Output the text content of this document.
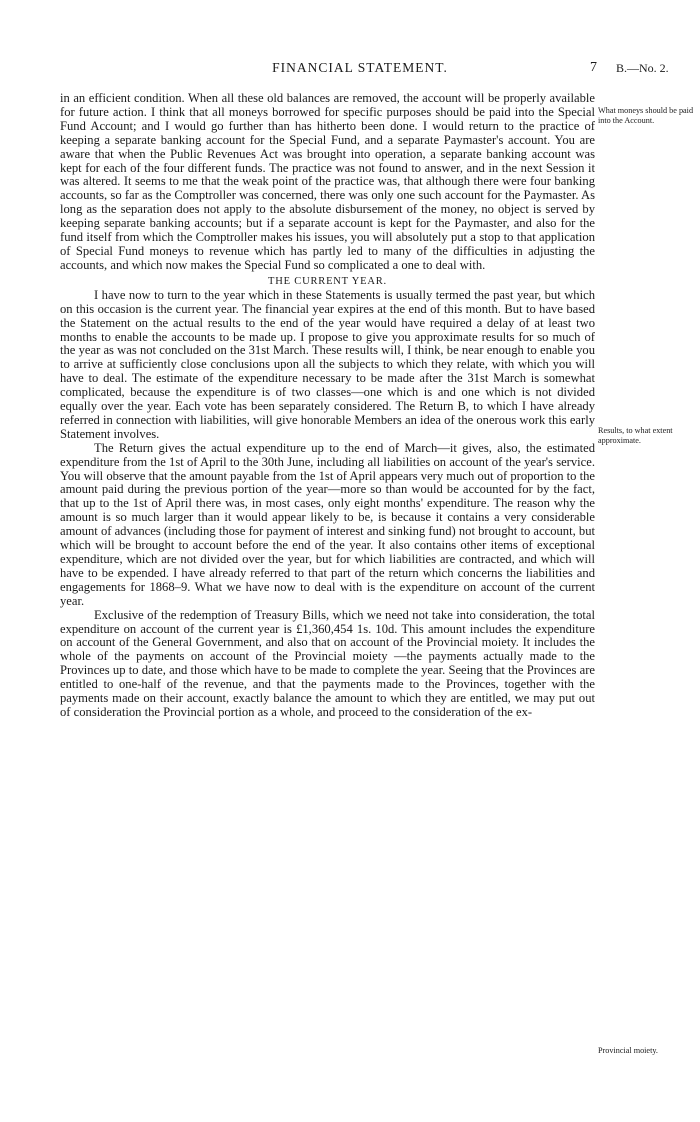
FINANCIAL STATEMENT.	7 B.—No. 2.

in an efficient condition. When all these old balances are removed, the account will be properly available for future action. I think that all moneys borrowed for specific purposes should be paid into the Special Fund Account; and I would go further than has hitherto been done. I would return to the practice of keeping a separate banking account for the Special Fund, and a separate Paymaster's account. You are aware that when the Public Revenues Act was brought into operation, a separate banking account was kept for each of the four different funds. The practice was not found to answer, and in the next Session it was altered. It seems to me that the weak point of the practice was, that although there were four banking accounts, so far as the Comptroller was concerned, there was only one such account for the Paymaster. As long as the separation does not apply to the absolute disbursement of the money, no object is served by keeping separate banking accounts; but if a separate account is kept for the Paymaster, and also for the fund itself from which the Comptroller makes his issues, you will absolutely put a stop to that application of Special Fund moneys to revenue which has partly led to many of the difficulties in adjusting the accounts, and which now makes the Special Fund so complicated a one to deal with.

THE CURRENT YEAR.

I have now to turn to the year which in these Statements is usually termed the past year, but which on this occasion is the current year. The financial year expires at the end of this month. But to have based the Statement on the actual results to the end of the year would have required a delay of at least two months to enable the accounts to be made up. I propose to give you approximate results for so much of the year as was not concluded on the 31st March. These results will, I think, be near enough to enable you to arrive at sufficiently close conclusions upon all the subjects to which they relate, with which you will have to deal. The estimate of the expenditure necessary to be made after the 31st March is somewhat complicated, because the expenditure is of two classes—one which is and one which is not divided equally over the year. Each vote has been separately considered. The Return B, to which I have already referred in connection with liabilities, will give honorable Members an idea of the onerous work this early Statement involves.

The Return gives the actual expenditure up to the end of March—it gives, also, the estimated expenditure from the 1st of April to the 30th June, including all liabilities on account of the year's service. You will observe that the amount payable from the 1st of April appears very much out of proportion to the amount paid during the previous portion of the year—more so than would be accounted for by the fact, that up to the 1st of April there was, in most cases, only eight months' expenditure. The reason why the amount is so much larger than it would appear likely to be, is because it contains a very considerable amount of advances (including those for payment of interest and sinking fund) not brought to account, but which will be brought to account before the end of the year. It also contains other items of exceptional expenditure, which are not divided over the year, but for which liabilities are contracted, and which will have to be expended. I have already referred to that part of the return which concerns the liabilities and engagements for 1868–9. What we have now to deal with is the expenditure on account of the current year.

Exclusive of the redemption of Treasury Bills, which we need not take into consideration, the total expenditure on account of the current year is £1,360,454 1s. 10d. This amount includes the expenditure on account of the General Government, and also that on account of the Provincial moiety. It includes the whole of the payments on account of the Provincial moiety —the payments actually made to the Provinces up to date, and those which have to be made to complete the year. Seeing that the Provinces are entitled to one-half of the revenue, and that the payments made to the Provinces, together with the payments made on their account, exactly balance the amount to which they are entitled, we may put out of consideration the Provincial portion as a whole, and proceed to the consideration of the ex-

What moneys should be paid into the Account.
Results, to what extent approximate.
Provincial moiety.
